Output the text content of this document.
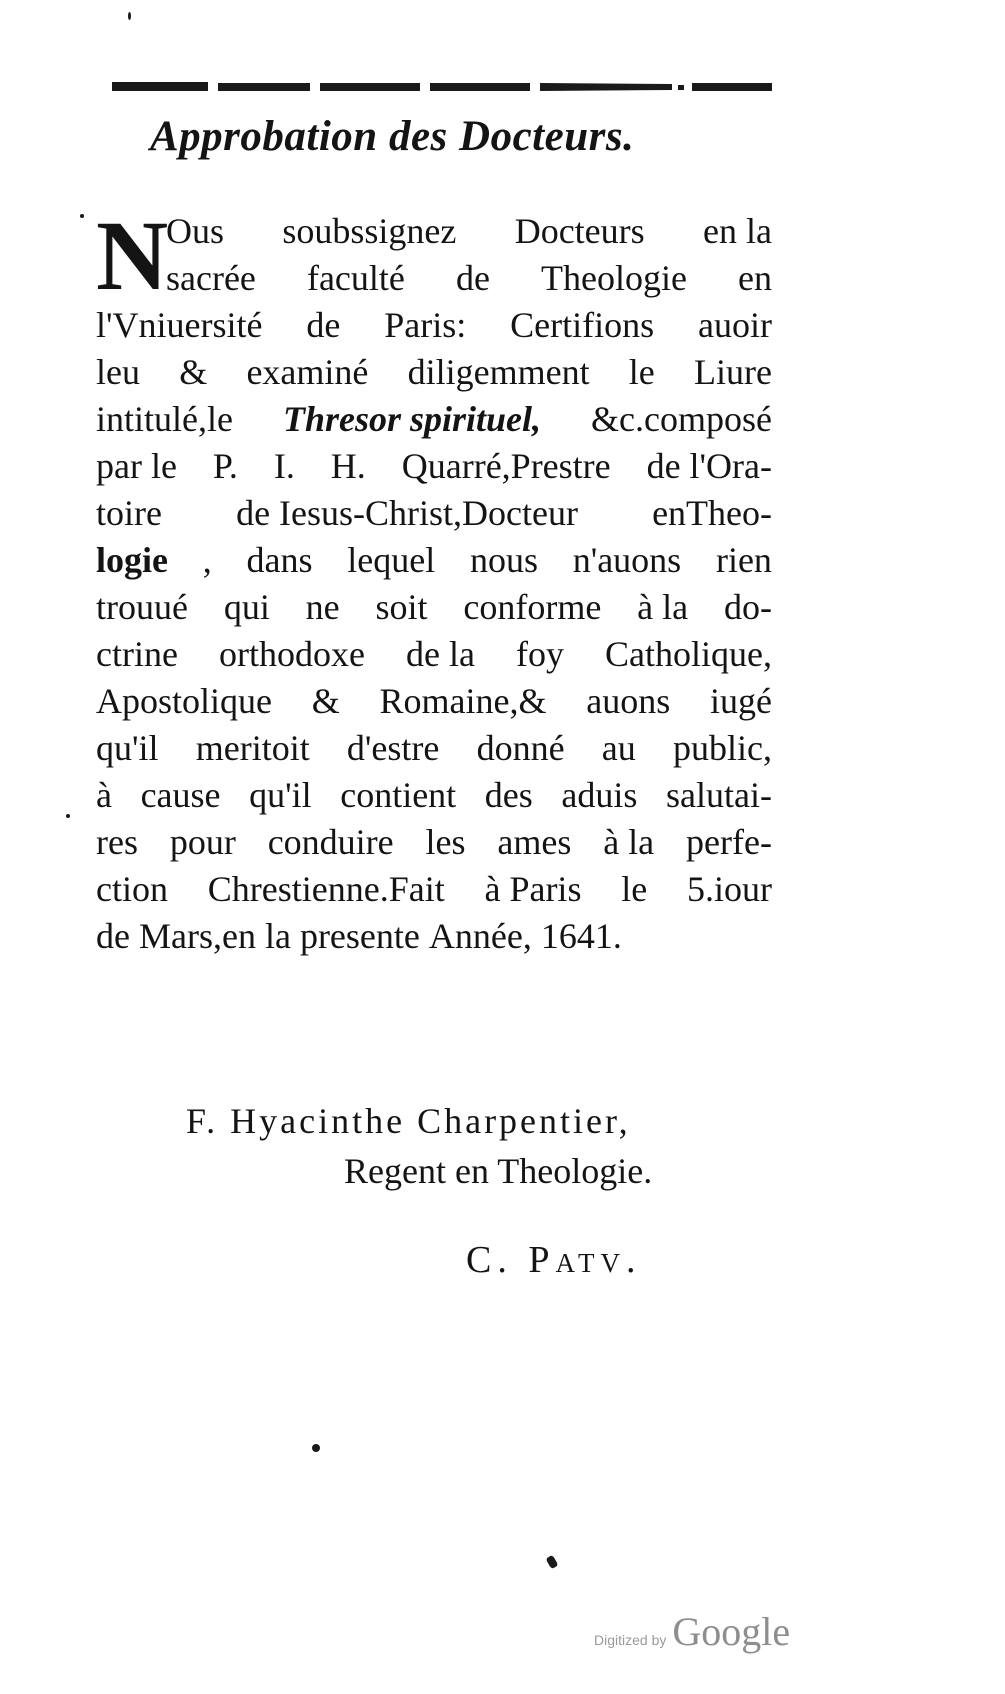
Approbation des Docteurs.
N Ous soubssignez Docteurs en la
sacrée faculté de Theologie en
l'Vniuersité de Paris: Certifions auoir
leu & examiné diligemment le Liure
intitulé,le Thresor spirituel, &c.composé
par le P. I. H. Quarré,Prestre de l'Ora-
toire de Iesus-Christ,Docteur enTheo-
logie , dans lequel nous n'auons rien
trouué qui ne soit conforme à la do-
ctrine orthodoxe de la foy Catholique,
Apostolique & Romaine,& auons iugé
qu'il meritoit d'estre donné au public,
à cause qu'il contient des aduis salutai-
res pour conduire les ames à la perfe-
ction Chrestienne.Fait à Paris le 5.iour
de
Mars,en
la
presente
Année,
1641.
F. Hyacinthe Charpentier,
Regent en Theologie.
C. Patv.
Digitized by Google
